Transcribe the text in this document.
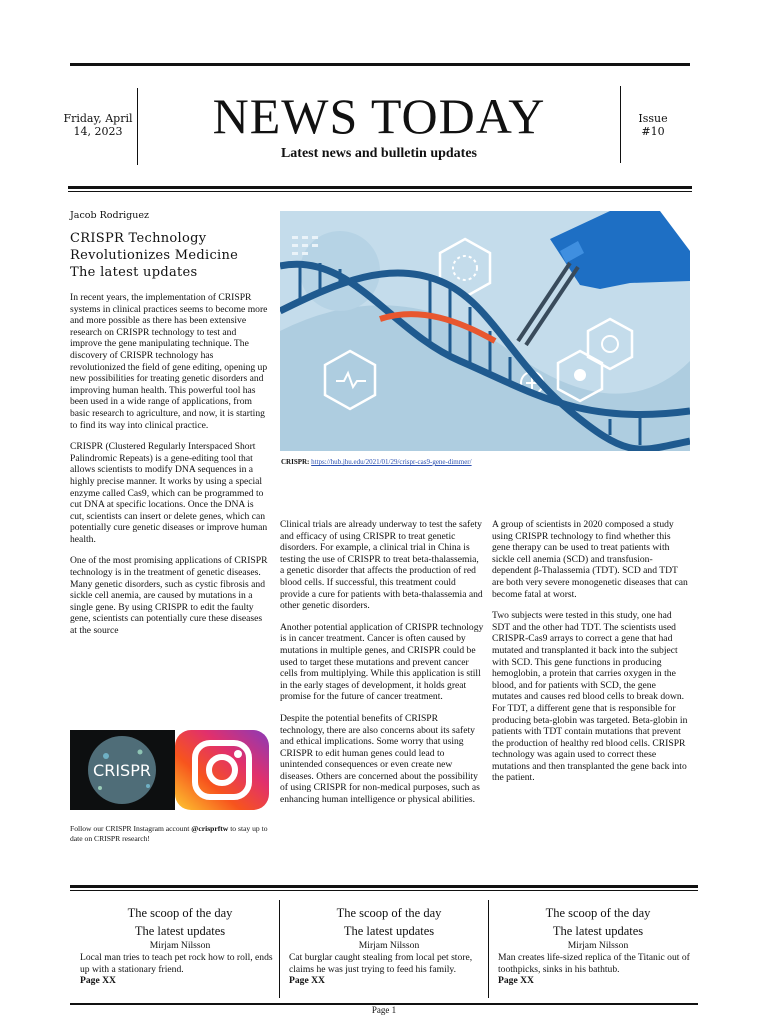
Friday, April 14, 2023	NEWS TODAY
Latest news and bulletin updates
Issue #10
Jacob Rodriguez
CRISPR Technology
Revolutionizes Medicine
The latest updates

In recent years, the implementation of CRISPR systems in clinical practices seems to become more and more possible as there has been extensive research on CRISPR technology to test and improve the gene manipulating technique. The discovery of CRISPR technology has revolutionized the field of gene editing, opening up new possibilities for treating genetic disorders and improving human health. This powerful tool has been used in a wide range of applications, from basic research to agriculture, and now, it is starting to find its way into clinical practice.

CRISPR (Clustered Regularly Interspaced Short Palindromic Repeats) is a gene-editing tool that allows scientists to modify DNA sequences in a highly precise manner. It works by using a special enzyme called Cas9, which can be programmed to cut DNA at specific locations. Once the DNA is cut, scientists can insert or delete genes, which can potentially cure genetic diseases or improve human health.

One of the most promising applications of CRISPR technology is in the treatment of genetic diseases. Many genetic disorders, such as cystic fibrosis and sickle cell anemia, are caused by mutations in a single gene. By using CRISPR to edit the faulty gene, scientists can potentially cure these diseases at the source

CRISPR: https://hub.jhu.edu/2021/01/29/crispr-cas9-gene-dimmer/

Clinical trials are already underway to test the safety and efficacy of using CRISPR to treat genetic disorders. For example, a clinical trial in China is testing the use of CRISPR to treat beta-thalassemia, a genetic disorder that affects the production of red blood cells. If successful, this treatment could provide a cure for patients with beta-thalassemia and other genetic disorders.

Another potential application of CRISPR technology is in cancer treatment. Cancer is often caused by mutations in multiple genes, and CRISPR could be used to target these mutations and prevent cancer cells from multiplying. While this application is still in the early stages of development, it holds great promise for the future of cancer treatment.

Despite the potential benefits of CRISPR technology, there are also concerns about its safety and ethical implications. Some worry that using CRISPR to edit human genes could lead to unintended consequences or even create new diseases. Others are concerned about the possibility of using CRISPR for non-medical purposes, such as enhancing human intelligence or physical abilities.

A group of scientists in 2020 composed a study using CRISPR technology to find whether this gene therapy can be used to treat patients with sickle cell anemia (SCD) and transfusion-dependent β-Thalassemia (TDT). SCD and TDT are both very severe monogenetic diseases that can become fatal at worst.

Two subjects were tested in this study, one had SDT and the other had TDT. The scientists used CRISPR-Cas9 arrays to correct a gene that had mutated and transplanted it back into the subject with SCD. This gene functions in producing hemoglobin, a protein that carries oxygen in the blood, and for patients with SCD, the gene mutates and causes red blood cells to break down. For TDT, a different gene that is responsible for producing beta-globin was targeted. Beta-globin in patients with TDT contain mutations that prevent the production of healthy red blood cells. CRISPR technology was again used to correct these mutations and then transplanted the gene back into the patient.

CRISPR
Follow our CRISPR Instagram account @crisprftw to stay up to date on CRISPR research!
The scoop of the day
The latest updates
Mirjam Nilsson
Local man tries to teach pet rock how to roll, ends up with a stationary friend.
Page XX
The scoop of the day
The latest updates
Mirjam Nilsson
Cat burglar caught stealing from local pet store, claims he was just trying to feed his family.
Page XX
The scoop of the day
The latest updates
Mirjam Nilsson
Man creates life-sized replica of the Titanic out of toothpicks, sinks in his bathtub.
Page XX
Page 1
